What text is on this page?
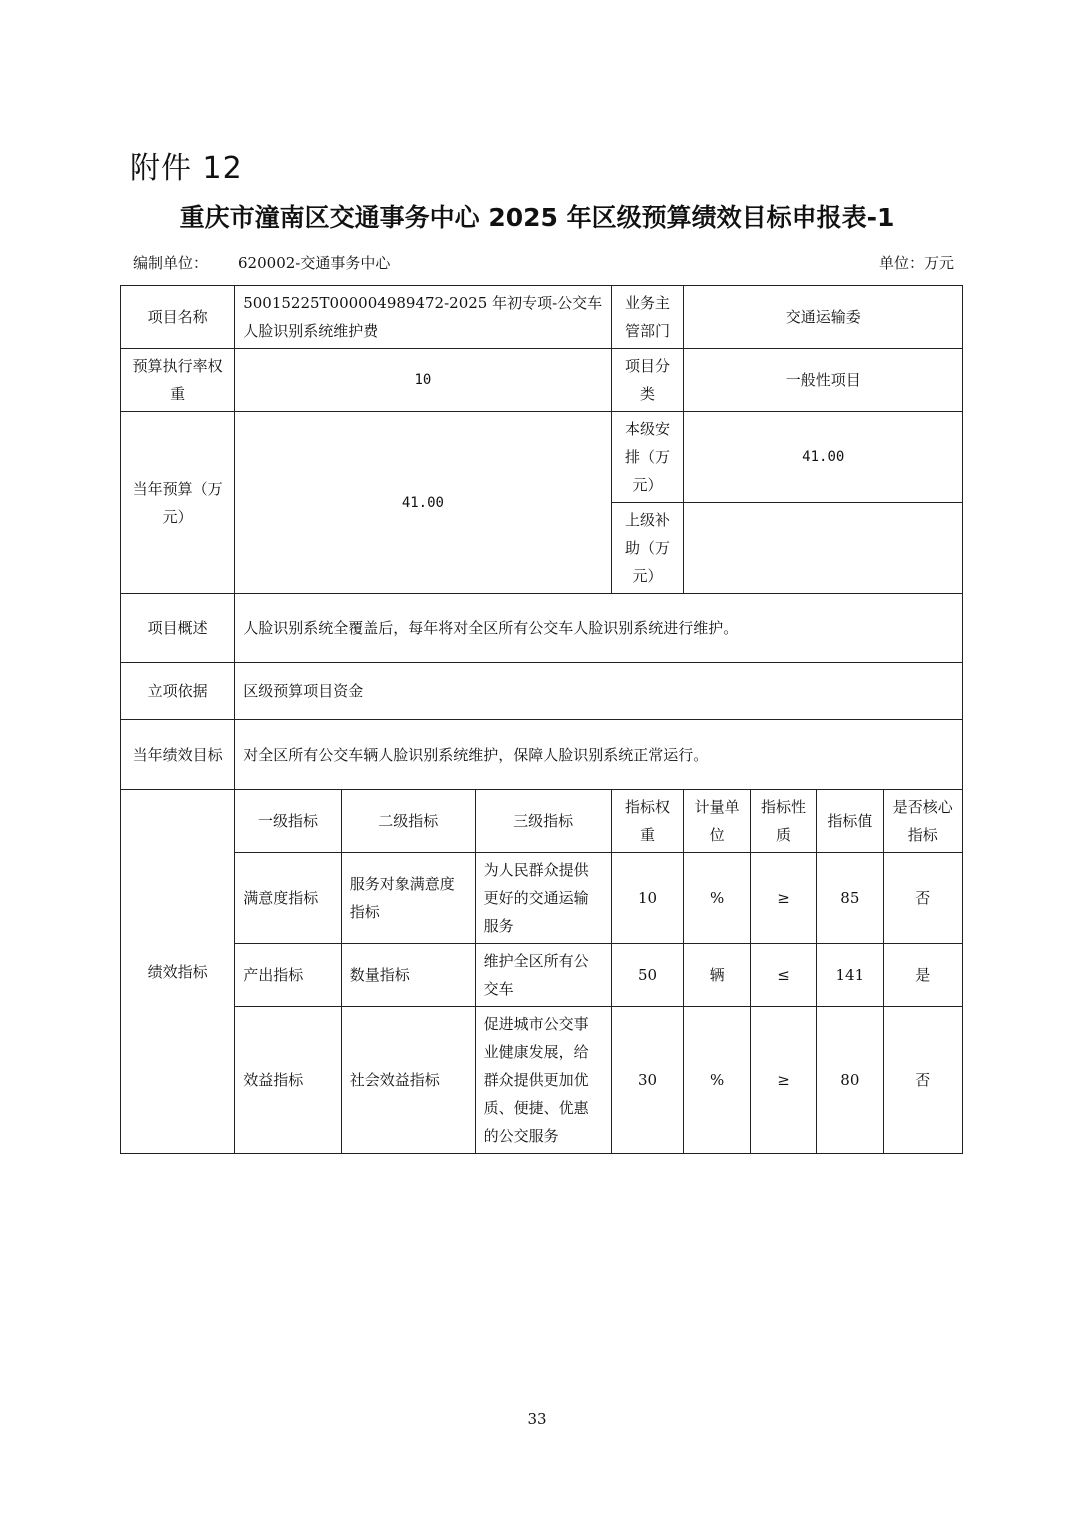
附件 12
重庆市潼南区交通事务中心 2025 年区级预算绩效目标申报表-1
编制单位： 620002-交通事务中心	单位：万元
项目名称	50015225T000004989472-2025 年初专项-公交车人脸识别系统维护费			业务主管部门	交通运输委			
预算执行率权重	10			项目分类	一般性项目			
当年预算（万元）	41.00			本级安排（万元）	41.00			
				上级补助（万元）				
项目概述	人脸识别系统全覆盖后，每年将对全区所有公交车人脸识别系统进行维护。							
立项依据	区级预算项目资金							
当年绩效目标	对全区所有公交车辆人脸识别系统维护，保障人脸识别系统正常运行。							
绩效指标	一级指标	二级指标	三级指标	指标权重	计量单位	指标性质	指标值	是否核心指标
	满意度指标	服务对象满意度指标	为人民群众提供更好的交通运输服务	10	%	≥	85	否
	产出指标	数量指标	维护全区所有公交车	50	辆	≤	141	是
	效益指标	社会效益指标	促进城市公交事业健康发展，给群众提供更加优质、便捷、优惠的公交服务	30	%	≥	80	否
33
